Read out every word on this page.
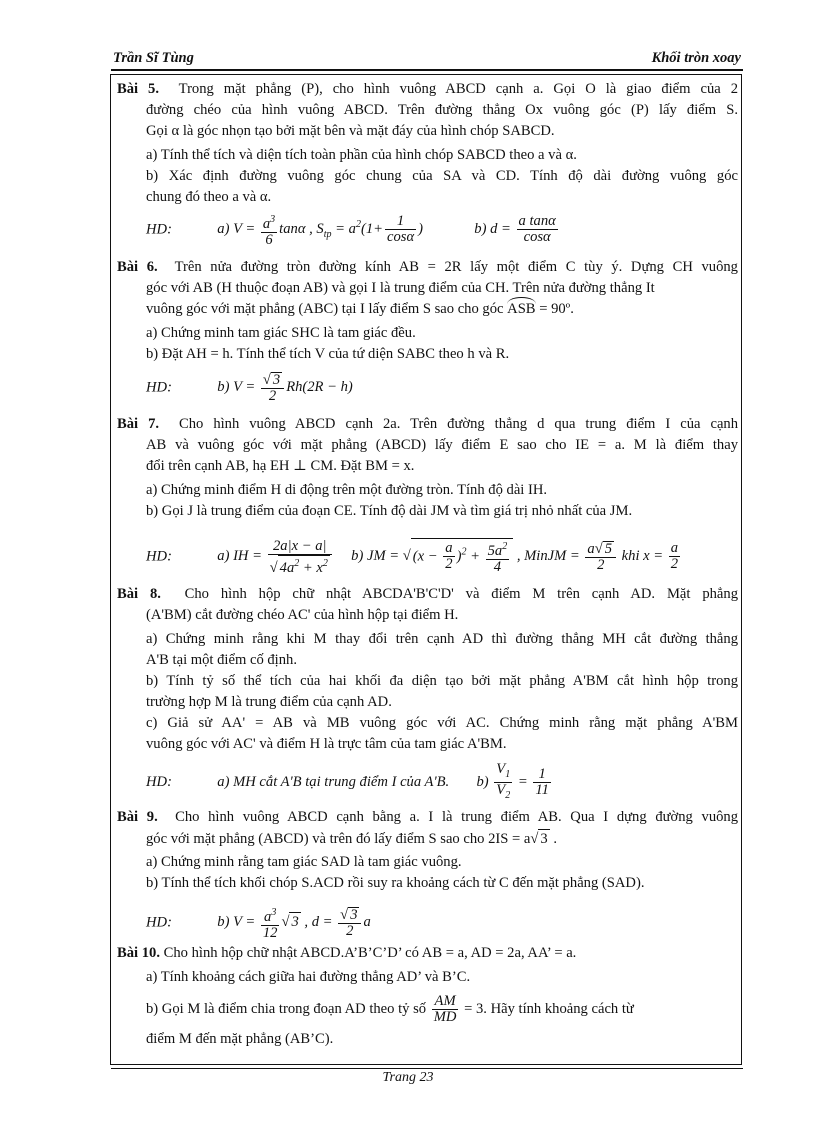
Trần Sĩ Tùng	Khối tròn xoay
Bài 5. Trong mặt phẳng (P), cho hình vuông ABCD cạnh a. Gọi O là giao điểm của 2
đường chéo của hình vuông ABCD. Trên đường thẳng Ox vuông góc (P) lấy điểm S.
Gọi α là góc nhọn tạo bởi mặt bên và mặt đáy của hình chóp SABCD.
a) Tính thể tích và diện tích toàn phần của hình chóp SABCD theo a và α.
b) Xác định đường vuông góc chung của SA và CD. Tính độ dài đường vuông góc
chung đó theo a và α.
HD:	a) $V = \frac{a^3}{6}$ tanα , $S_{tp} = a^2(1+ \frac{1}{\cos\alpha}$ )	b) $d = \frac{\text{a tanα}}{\cos\alpha}$
Bài 6. Trên nửa đường tròn đường kính AB = 2R lấy một điểm C tùy ý. Dựng CH vuông
góc với AB (H thuộc đoạn AB) và gọi I là trung điểm của CH. Trên nửa đường thẳng It
vuông góc với mặt phẳng (ABC) tại I lấy điểm S sao cho góc ASB = 90º.
a) Chứng minh tam giác SHC là tam giác đều.
b) Đặt AH = h. Tính thể tích V của tứ diện SABC theo h và R.
HD:	b) $V = \frac{√ 3}{2} Rh(2R - h)$
Bài 7. Cho hình vuông ABCD cạnh 2a. Trên đường thẳng d qua trung điểm I của cạnh
AB và vuông góc với mặt phẳng (ABCD) lấy điểm E sao cho IE = a. M là điểm thay
đổi trên cạnh AB, hạ EH ⊥ CM. Đặt BM = x.
a) Chứng minh điểm H di động trên một đường tròn. Tính độ dài IH.
b) Gọi J là trung điểm của đoạn CE. Tính độ dài JM và tìm giá trị nhỏ nhất của JM.
HD:	a) IH = $\frac{2a|x - a|}{√ 4a^2 + x^2} b$) JM = √ $(x - \frac{a}{2} )^2 + \frac{5a^2}{4}$ , MinJM = $\frac{a√ 5}{2}$ khi $x = \frac{a}{2}$
Bài 8. Cho hình hộp chữ nhật ABCDA'B'C'D' và điểm M trên cạnh AD. Mặt phẳng
(A'BM) cắt đường chéo AC' của hình hộp tại điểm H.
a) Chứng minh rằng khi M thay đổi trên cạnh AD thì đường thẳng MH cắt đường thẳng
A'B tại một điểm cố định.
b) Tính tỷ số thể tích của hai khối đa diện tạo bởi mặt phẳng A'BM cắt hình hộp trong
trường hợp M là trung điểm của cạnh AD.
c) Giả sử AA' = AB và MB vuông góc với AC. Chứng minh rằng mặt phẳng A'BM
vuông góc với AC' và điểm H là trực tâm của tam giác A'BM.
HD:	a) MH cắt A'B tại trung điểm I của A'B. $b) \frac{V_1}{V_2} = \frac{1}{11}$
Bài 9. Cho hình vuông ABCD cạnh bằng a. I là trung điểm AB. Qua I dựng đường vuông
góc với mặt phẳng (ABCD) và trên đó lấy điểm S sao cho 2IS = a√ 3 .
a) Chứng minh rằng tam giác SAD là tam giác vuông.
b) Tính thể tích khối chóp S.ACD rồi suy ra khoảng cách từ C đến mặt phẳng (SAD).
HD:	b) $V = \frac{a^3}{12}$ √ 3 , $d = \frac{√ 3}{2}$ a
Bài 10. Cho hình hộp chữ nhật ABCD.A’B’C’D’ có AB = a, AD = 2a, AA’ = a.
a) Tính khoảng cách giữa hai đường thẳng AD’ và B’C.
b) Gọi M là điểm chia trong đoạn AD theo tỷ số $\frac{AM}{MD} = 3$. Hãy tính khoảng cách từ
điểm M đến mặt phẳng (AB’C).
Trang 23
